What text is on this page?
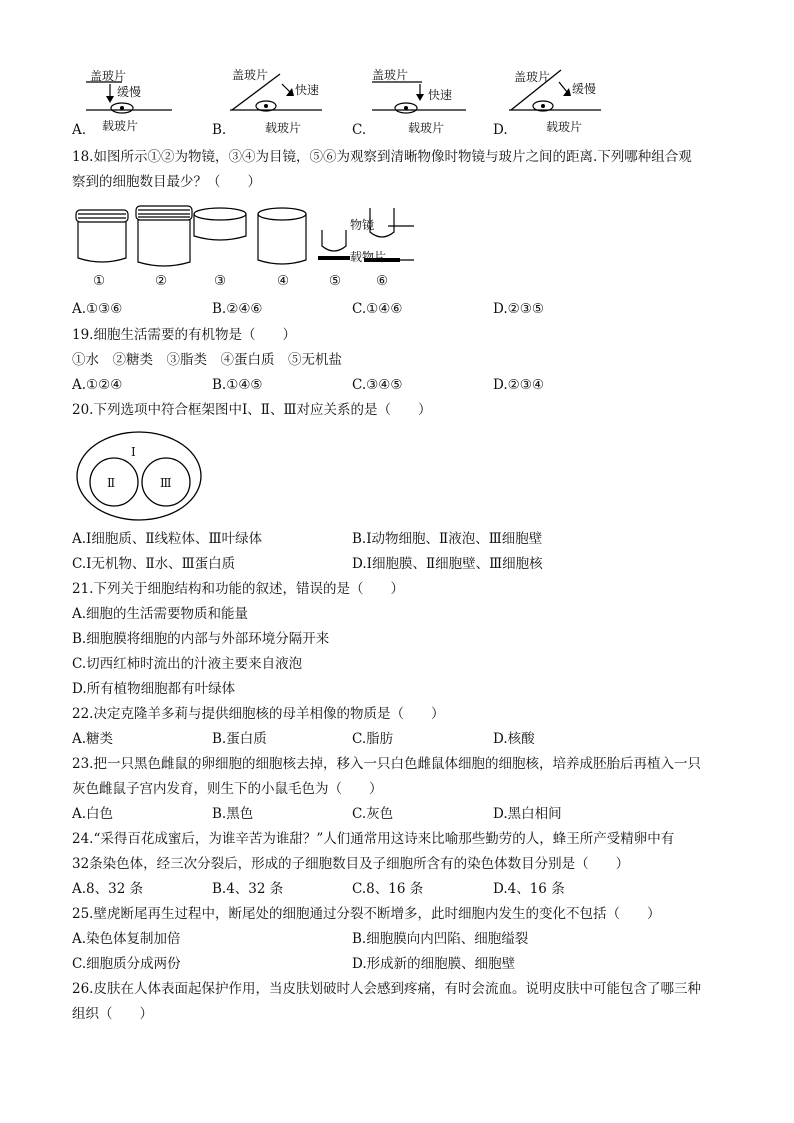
盖玻片
缓慢
载玻片
A.
盖玻片
快速
载玻片
B.
盖玻片
快速
载玻片
C.
盖玻片
缓慢
载玻片
D.
18.如图所示①②为物镜，③④为目镜，⑤⑥为观察到清晰物像时物镜与玻片之间的距离.下列哪种组合观
察到的细胞数目最少？（　　）
物镜
载物片
①	②	③	④	⑤	⑥
A.①③⑥	B.②④⑥	C.①④⑥	D.②③⑤
19.细胞生活需要的有机物是（　　）
①水　②糖类　③脂类　④蛋白质　⑤无机盐
A.①②④	B.①④⑤	C.③④⑤	D.②③④
20.下列选项中符合框架图中Ⅰ、Ⅱ、Ⅲ对应关系的是（　　）
Ⅰ
Ⅱ	Ⅲ
A.Ⅰ细胞质、Ⅱ线粒体、Ⅲ叶绿体	B.Ⅰ动物细胞、Ⅱ液泡、Ⅲ细胞壁
C.Ⅰ无机物、Ⅱ水、Ⅲ蛋白质	D.Ⅰ细胞膜、Ⅱ细胞壁、Ⅲ细胞核
21.下列关于细胞结构和功能的叙述，错误的是（　　）
A.细胞的生活需要物质和能量
B.细胞膜将细胞的内部与外部环境分隔开来
C.切西红柿时流出的汁液主要来自液泡
D.所有植物细胞都有叶绿体
22.决定克隆羊多莉与提供细胞核的母羊相像的物质是（　　）
A.糖类	B.蛋白质	C.脂肪	D.核酸
23.把一只黑色雌鼠的卵细胞的细胞核去掉，移入一只白色雌鼠体细胞的细胞核，培养成胚胎后再植入一只
灰色雌鼠子宫内发育，则生下的小鼠毛色为（　　）
A.白色	B.黑色	C.灰色	D.黑白相间
24.“采得百花成蜜后，为谁辛苦为谁甜？”人们通常用这诗来比喻那些勤劳的人，蜂王所产受精卵中有
32条染色体，经三次分裂后，形成的子细胞数目及子细胞所含有的染色体数目分别是（　　）
A.8、32 条	B.4、32 条	C.8、16 条	D.4、16 条
25.壁虎断尾再生过程中，断尾处的细胞通过分裂不断增多，此时细胞内发生的变化不包括（　　）
A.染色体复制加倍	B.细胞膜向内凹陷、细胞缢裂
C.细胞质分成两份	D.形成新的细胞膜、细胞壁
26.皮肤在人体表面起保护作用，当皮肤划破时人会感到疼痛，有时会流血。说明皮肤中可能包含了哪三种
组织（　　）
